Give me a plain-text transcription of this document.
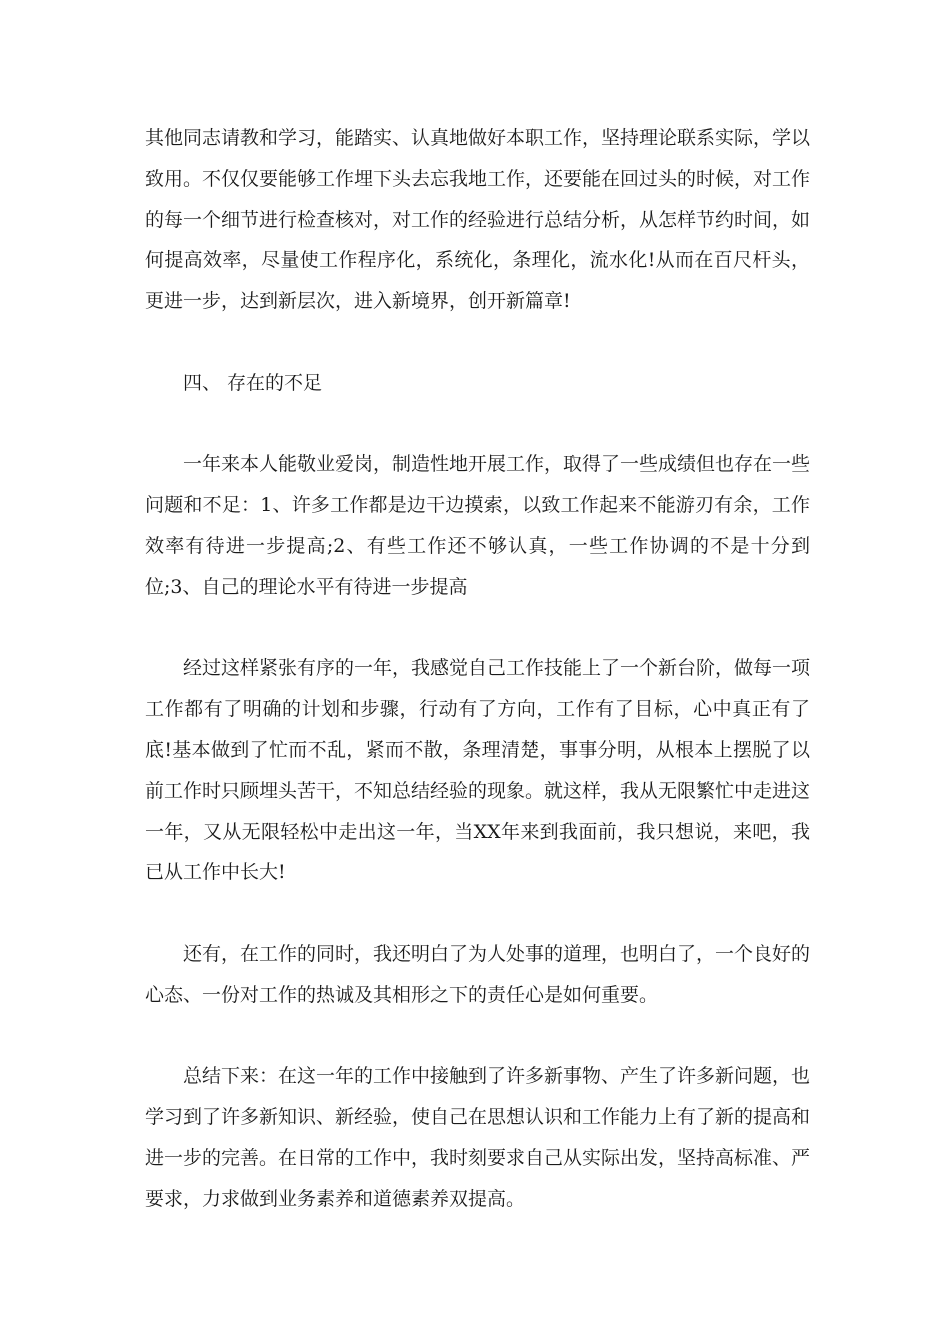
其他同志请教和学习，能踏实、认真地做好本职工作，坚持理论联系实际，学以致用。不仅仅要能够工作埋下头去忘我地工作，还要能在回过头的时候，对工作的每一个细节进行检查核对，对工作的经验进行总结分析，从怎样节约时间，如何提高效率，尽量使工作程序化，系统化，条理化，流水化!从而在百尺杆头，更进一步，达到新层次，进入新境界，创开新篇章!

四、 存在的不足

一年来本人能敬业爱岗，制造性地开展工作，取得了一些成绩但也存在一些问题和不足：1、许多工作都是边干边摸索，以致工作起来不能游刃有余，工作效率有待进一步提高;2、有些工作还不够认真，一些工作协调的不是十分到位;3、自己的理论水平有待进一步提高

经过这样紧张有序的一年，我感觉自己工作技能上了一个新台阶，做每一项工作都有了明确的计划和步骤，行动有了方向，工作有了目标，心中真正有了底!基本做到了忙而不乱，紧而不散，条理清楚，事事分明，从根本上摆脱了以前工作时只顾埋头苦干，不知总结经验的现象。就这样，我从无限繁忙中走进这一年，又从无限轻松中走出这一年，当XX年来到我面前，我只想说，来吧，我已从工作中长大!

还有，在工作的同时，我还明白了为人处事的道理，也明白了，一个良好的心态、一份对工作的热诚及其相形之下的责任心是如何重要。

总结下来：在这一年的工作中接触到了许多新事物、产生了许多新问题，也学习到了许多新知识、新经验，使自己在思想认识和工作能力上有了新的提高和进一步的完善。在日常的工作中，我时刻要求自己从实际出发，坚持高标准、严要求，力求做到业务素养和道德素养双提高。
